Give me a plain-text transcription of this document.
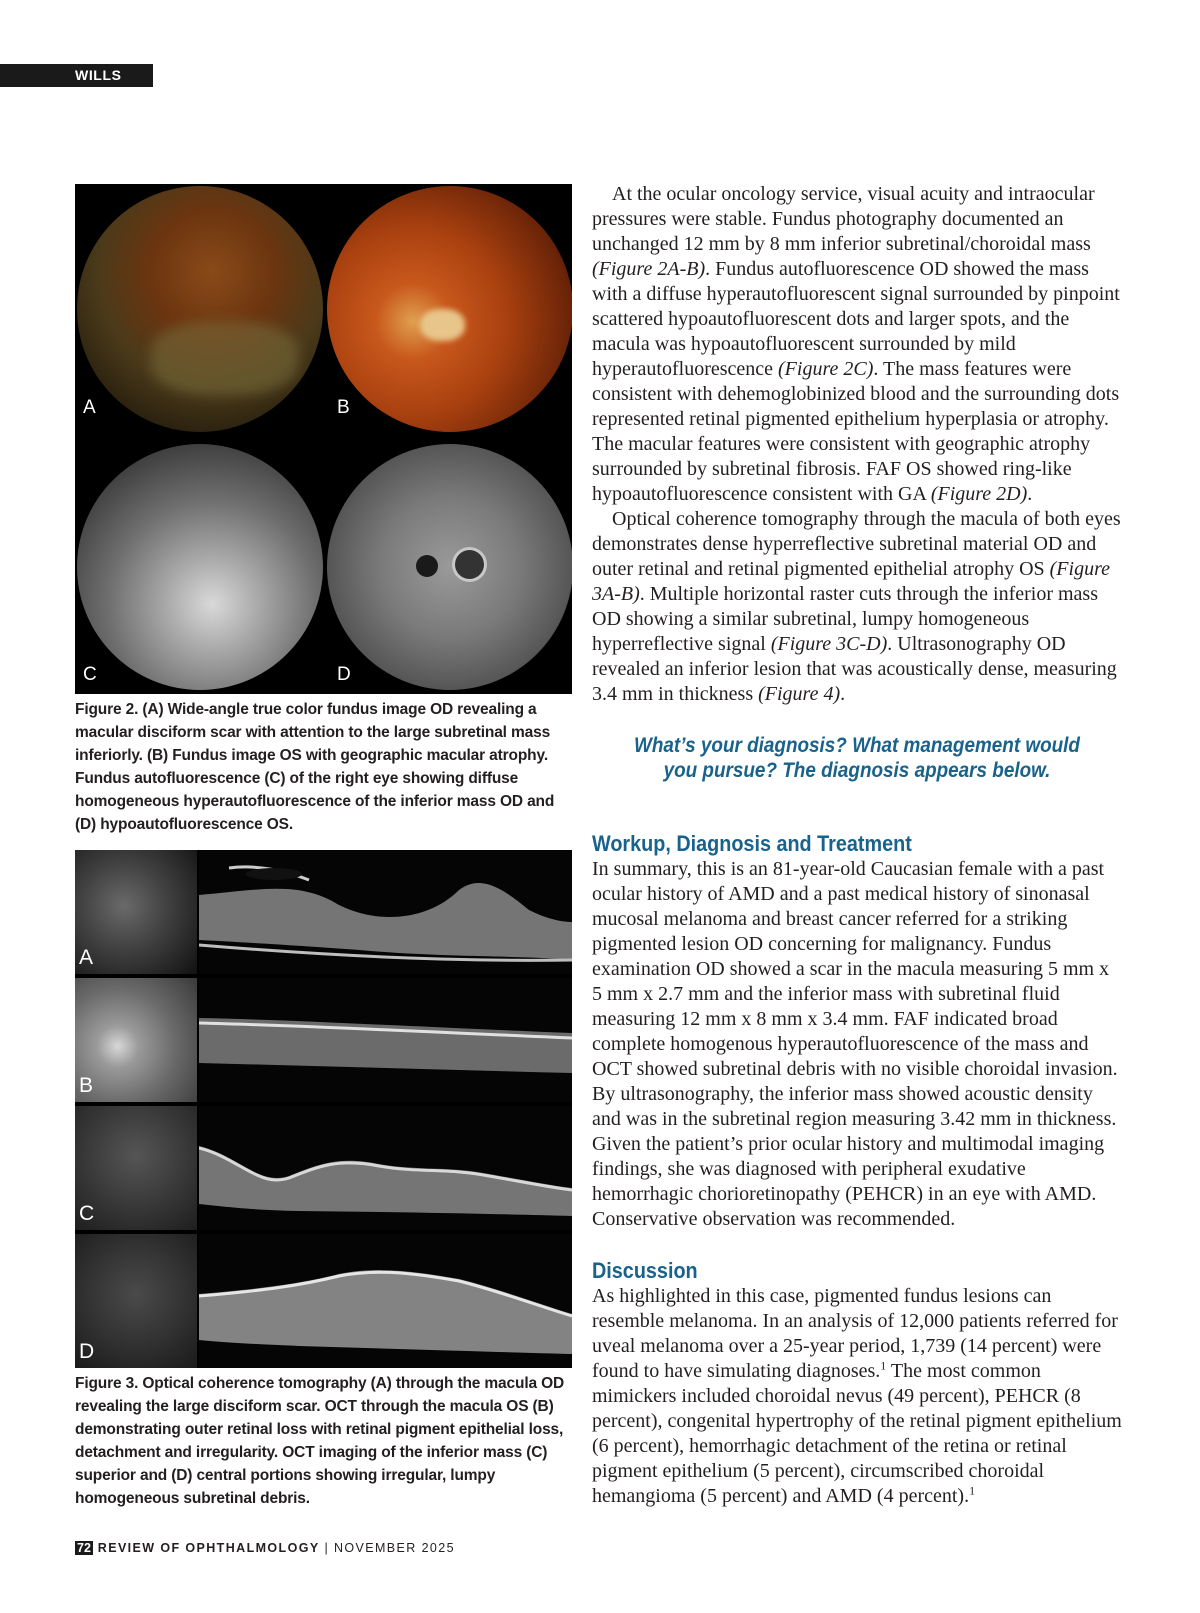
WILLS EYE
A	B
C	D
Figure 2. (A) Wide-angle true color fundus image OD revealing a macular disciform scar with attention to the large subretinal mass inferiorly. (B) Fundus image OS with geographic macular atrophy. Fundus autofluorescence (C) of the right eye showing diffuse homogeneous hyperautofluorescence of the inferior mass OD and (D) hypoautofluorescence OS.
A
B
C
D
Figure 3. Optical coherence tomography (A) through the macula OD revealing the large disciform scar. OCT through the macula OS (B) demonstrating outer retinal loss with retinal pigment epithelial loss, detachment and irregularity. OCT imaging of the inferior mass (C) superior and (D) central portions showing irregular, lumpy homogeneous subretinal debris.

At the ocular oncology service, visual acuity and intraocular pressures were stable. Fundus photography documented an unchanged 12 mm by 8 mm inferior subretinal/choroidal mass (Figure 2A-B). Fundus autofluorescence OD showed the mass with a diffuse hyperautofluorescent signal surrounded by pinpoint scattered hypoautofluorescent dots and larger spots, and the macula was hypoautofluorescent surrounded by mild hyperautofluorescence (Figure 2C). The mass features were consistent with dehemoglobinized blood and the surrounding dots represented retinal pigmented epithelium hyperplasia or atrophy. The macular features were consistent with geographic atrophy surrounded by subretinal fibrosis. FAF OS showed ring-like hypoautofluorescence consistent with GA (Figure 2D).

Optical coherence tomography through the macula of both eyes demonstrates dense hyperreflective subretinal material OD and outer retinal and retinal pigmented epithelial atrophy OS (Figure 3A-B). Multiple horizontal raster cuts through the inferior mass OD showing a similar subretinal, lumpy homogeneous hyperreflective signal (Figure 3C-D). Ultrasonography OD revealed an inferior lesion that was acoustically dense, measuring 3.4 mm in thickness (Figure 4).

What’s your diagnosis? What management would you pursue? The diagnosis appears below.
Workup, Diagnosis and Treatment

In summary, this is an 81-year-old Caucasian female with a past ocular history of AMD and a past medical history of sinonasal mucosal melanoma and breast cancer referred for a striking pigmented lesion OD concerning for malignancy. Fundus examination OD showed a scar in the macula measuring 5 mm x 5 mm x 2.7 mm and the inferior mass with subretinal fluid measuring 12 mm x 8 mm x 3.4 mm. FAF indicated broad complete homogenous hyperautofluorescence of the mass and OCT showed subretinal debris with no visible choroidal invasion. By ultrasonography, the inferior mass showed acoustic density and was in the subretinal region measuring 3.42 mm in thickness. Given the patient’s prior ocular history and multimodal imaging findings, she was diagnosed with peripheral exudative hemorrhagic chorioretinopathy (PEHCR) in an eye with AMD. Conservative observation was recommended.

Discussion

As highlighted in this case, pigmented fundus lesions can resemble melanoma. In an analysis of 12,000 patients referred for uveal melanoma over a 25-year period, 1,739 (14 percent) were found to have simulating diagnoses.$^1$ The most common mimickers included choroidal nevus (49 percent), PEHCR (8 percent), congenital hypertrophy of the retinal pigment epithelium (6 percent), hemorrhagic detachment of the retina or retinal pigment epithelium (5 percent), circumscribed choroidal hemangioma (5 percent) and AMD (4 percent).$^1$

72 REVIEW OF OPHTHALMOLOGY | NOVEMBER 2025
